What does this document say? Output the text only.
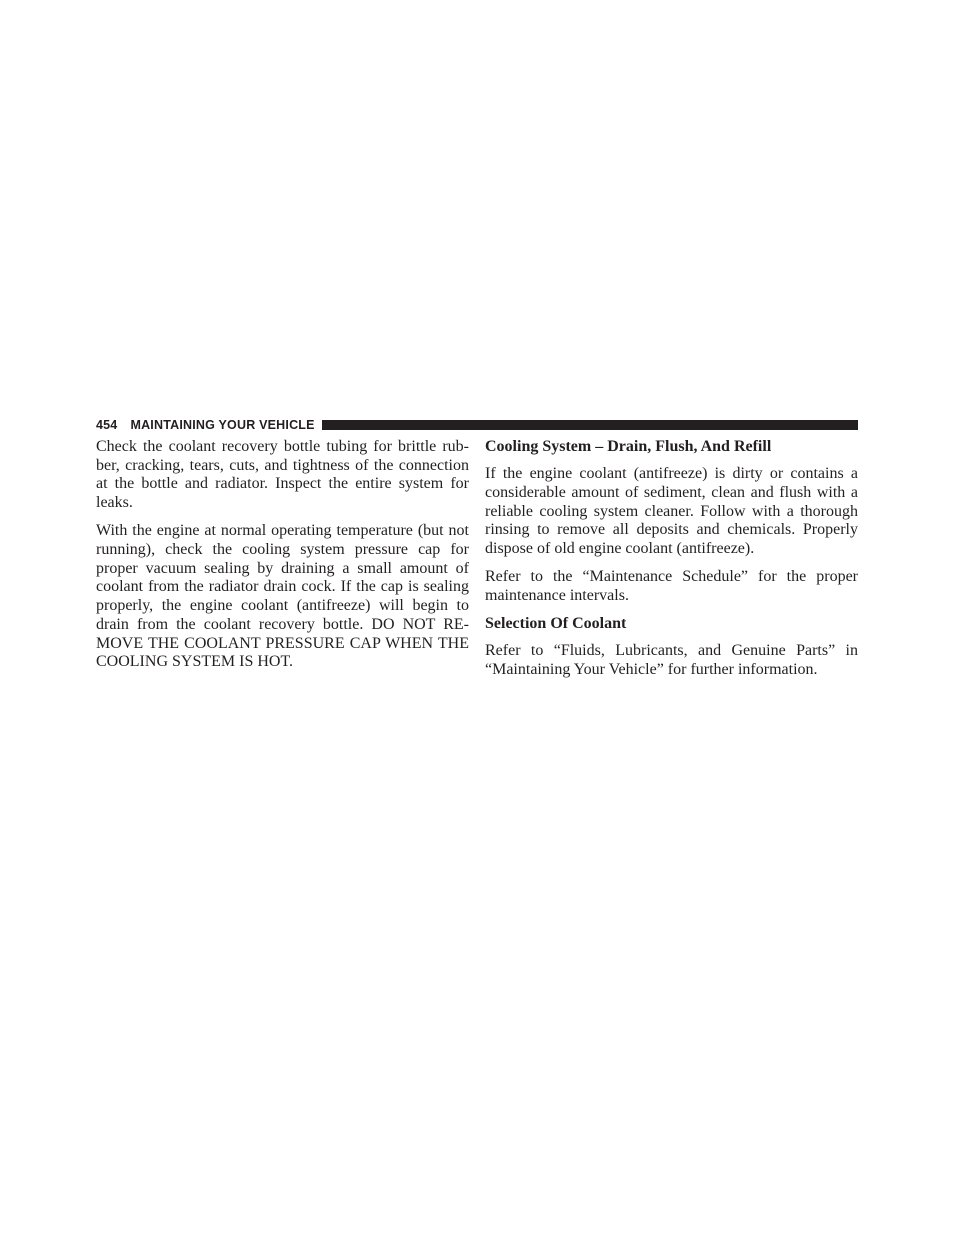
454 MAINTAINING YOUR VEHICLE

Check the coolant recovery bottle tubing for brittle rubber, cracking, tears, cuts, and tightness of the connection at the bottle and radiator. Inspect the entire system for leaks.

With the engine at normal operating temperature (but not running), check the cooling system pressure cap for proper vacuum sealing by draining a small amount of coolant from the radiator drain cock. If the cap is sealing properly, the engine coolant (antifreeze) will begin to drain from the coolant recovery bottle. DO NOT REMOVE THE COOLANT PRESSURE CAP WHEN THE COOLING SYSTEM IS HOT.

Cooling System – Drain, Flush, And Refill

If the engine coolant (antifreeze) is dirty or contains a considerable amount of sediment, clean and flush with a reliable cooling system cleaner. Follow with a thorough rinsing to remove all deposits and chemicals. Properly dispose of old engine coolant (antifreeze).

Refer to the “Maintenance Schedule” for the proper maintenance intervals.

Selection Of Coolant

Refer to “Fluids, Lubricants, and Genuine Parts” in “Maintaining Your Vehicle” for further information.
